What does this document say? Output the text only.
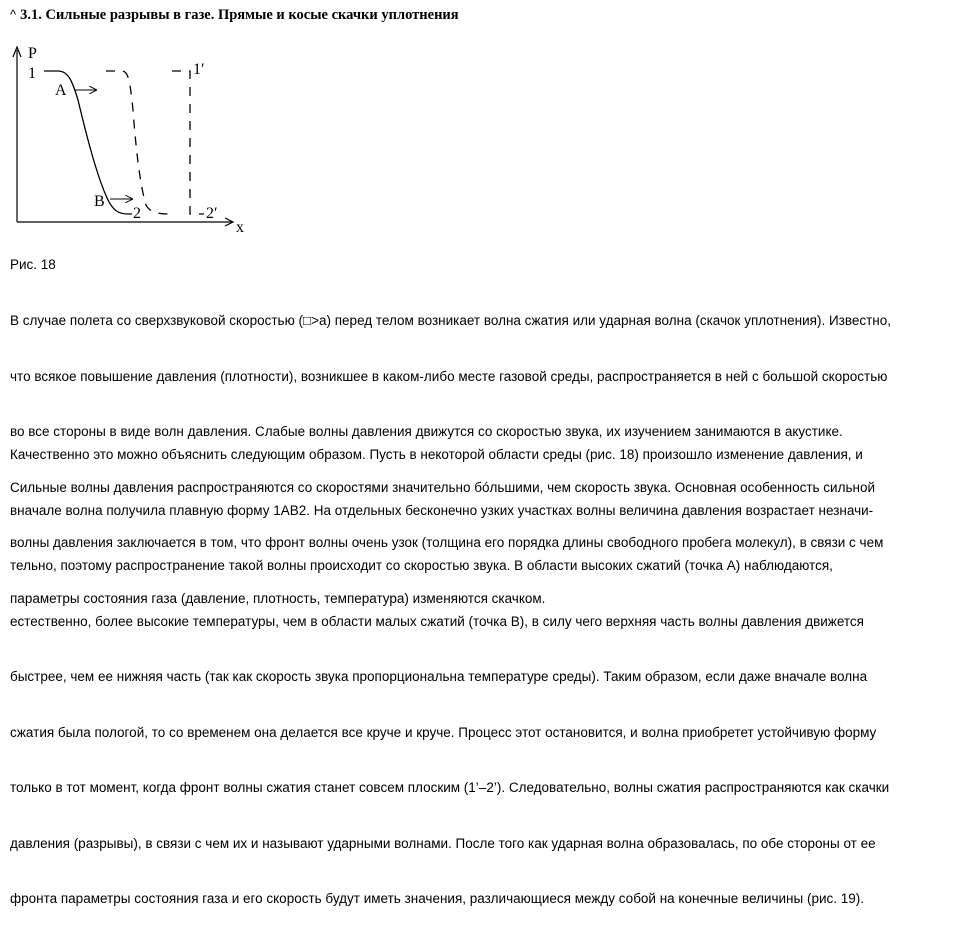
^ 3.1. Сильные разрывы в газе. Прямые и косые скачки уплотнения
P
x
1
A
B
2
1′
2′
Рис. 18

В случае полета со сверхзвуковой скоростью (□>a) перед телом возникает волна сжатия или ударная волна (скачок уплотнения). Известно,

что всякое повышение давления (плотности), возникшее в каком-либо месте газовой среды, распространяется в ней с большой скоростью

во все стороны в виде волн давления. Слабые волны давления движутся со скоростью звука, их изучением занимаются в акустике.

Сильные волны давления распространяются со скоростями значительно бóльшими, чем скорость звука. Основная особенность сильной

волны давления заключается в том, что фронт волны очень узок (толщина его порядка длины свободного пробега молекул), в связи с чем

параметры состояния газа (давление, плотность, температура) изменяются скачком.

Качественно это можно объяснить следующим образом. Пусть в некоторой области среды (рис. 18) произошло изменение давления, и

вначале волна получила плавную форму 1АВ2. На отдельных бесконечно узких участках волны величина давления возрастает незначи-

тельно, поэтому распространение такой волны происходит со скоростью звука. В области высоких сжатий (точка А) наблюдаются,

естественно, более высокие температуры, чем в области малых сжатий (точка В), в силу чего верхняя часть волны давления движется

быстрее, чем ее нижняя часть (так как скорость звука пропорциональна температуре среды). Таким образом, если даже вначале волна

сжатия была пологой, то со временем она делается все круче и круче. Процесс этот остановится, и волна приобретет устойчивую форму

только в тот момент, когда фронт волны сжатия станет совсем плоским (1’–2’). Следовательно, волны сжатия распространяются как скачки

давления (разрывы), в связи с чем их и называют ударными волнами. После того как ударная волна образовалась, по обе стороны от ее

фронта параметры состояния газа и его скорость будут иметь значения, различающиеся между собой на конечные величины (рис. 19).
